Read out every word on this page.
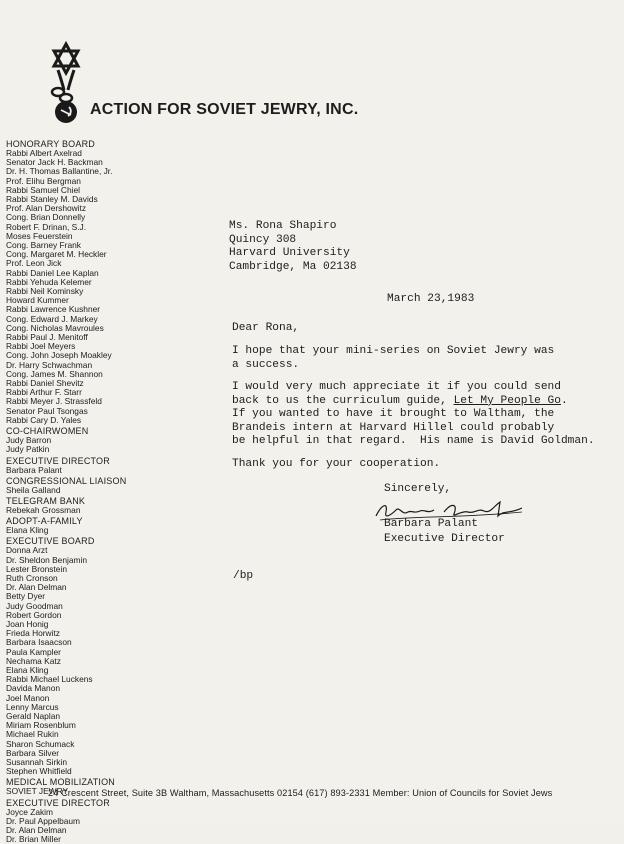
ACTION FOR SOVIET JEWRY, INC.
HONORARY BOARD
Rabbi Albert Axelrad
Senator Jack H. Backman
Dr. H. Thomas Ballantine, Jr.
Prof. Elihu Bergman
Rabbi Samuel Chiel
Rabbi Stanley M. Davids
Prof. Alan Dershowitz
Cong. Brian Donnelly
Robert F. Drinan, S.J.
Moses Feuerstein
Cong. Barney Frank
Cong. Margaret M. Heckler
Prof. Leon Jick
Rabbi Daniel Lee Kaplan
Rabbi Yehuda Kelemer
Rabbi Neil Kominsky
Howard Kummer
Rabbi Lawrence Kushner
Cong. Edward J. Markey
Cong. Nicholas Mavroules
Rabbi Paul J. Menitoff
Rabbi Joel Meyers
Cong. John Joseph Moakley
Dr. Harry Schwachman
Cong. James M. Shannon
Rabbi Daniel Shevitz
Rabbi Arthur F. Starr
Rabbi Meyer J. Strassfeld
Senator Paul Tsongas
Rabbi Cary D. Yales
CO-CHAIRWOMEN
Judy Barron
Judy Patkin
EXECUTIVE DIRECTOR
Barbara Palant
CONGRESSIONAL LIAISON
Sheila Galland
TELEGRAM BANK
Rebekah Grossman
ADOPT-A-FAMILY
Elana Kling
EXECUTIVE BOARD
Donna Arzt
Dr. Sheldon Benjamin
Lester Bronstein
Ruth Cronson
Dr. Alan Delman
Betty Dyer
Judy Goodman
Robert Gordon
Joan Honig
Frieda Horwitz
Barbara Isaacson
Paula Kampler
Nechama Katz
Elana Kling
Rabbi Michael Luckens
Davida Manon
Joel Manon
Lenny Marcus
Gerald Naplan
Miriam Rosenblum
Michael Rukin
Sharon Schumack
Barbara Silver
Susannah Sirkin
Stephen Whitfield
MEDICAL MOBILIZATION
SOVIET JEWRY
EXECUTIVE DIRECTOR
Joyce Zakim
Dr. Paul Appelbaum
Dr. Alan Delman
Dr. Brian Miller
Ms. Rona Shapiro
Quincy 308
Harvard University
Cambridge, Ma 02138
March 23,1983
Dear Rona,
I hope that your mini-series on Soviet Jewry was
a success.
I would very much appreciate it if you could send
back to us the curriculum guide, Let My People Go.
If you wanted to have it brought to Waltham, the
Brandeis intern at Harvard Hillel could probably
be helpful in that regard.  His name is David Goldman.
Thank you for your cooperation.
Sincerely,
Barbara Palant
Executive Director
/bp
24 Crescent Street, Suite 3B Waltham, Massachusetts 02154 (617) 893-2331 Member: Union of Councils for Soviet Jews
